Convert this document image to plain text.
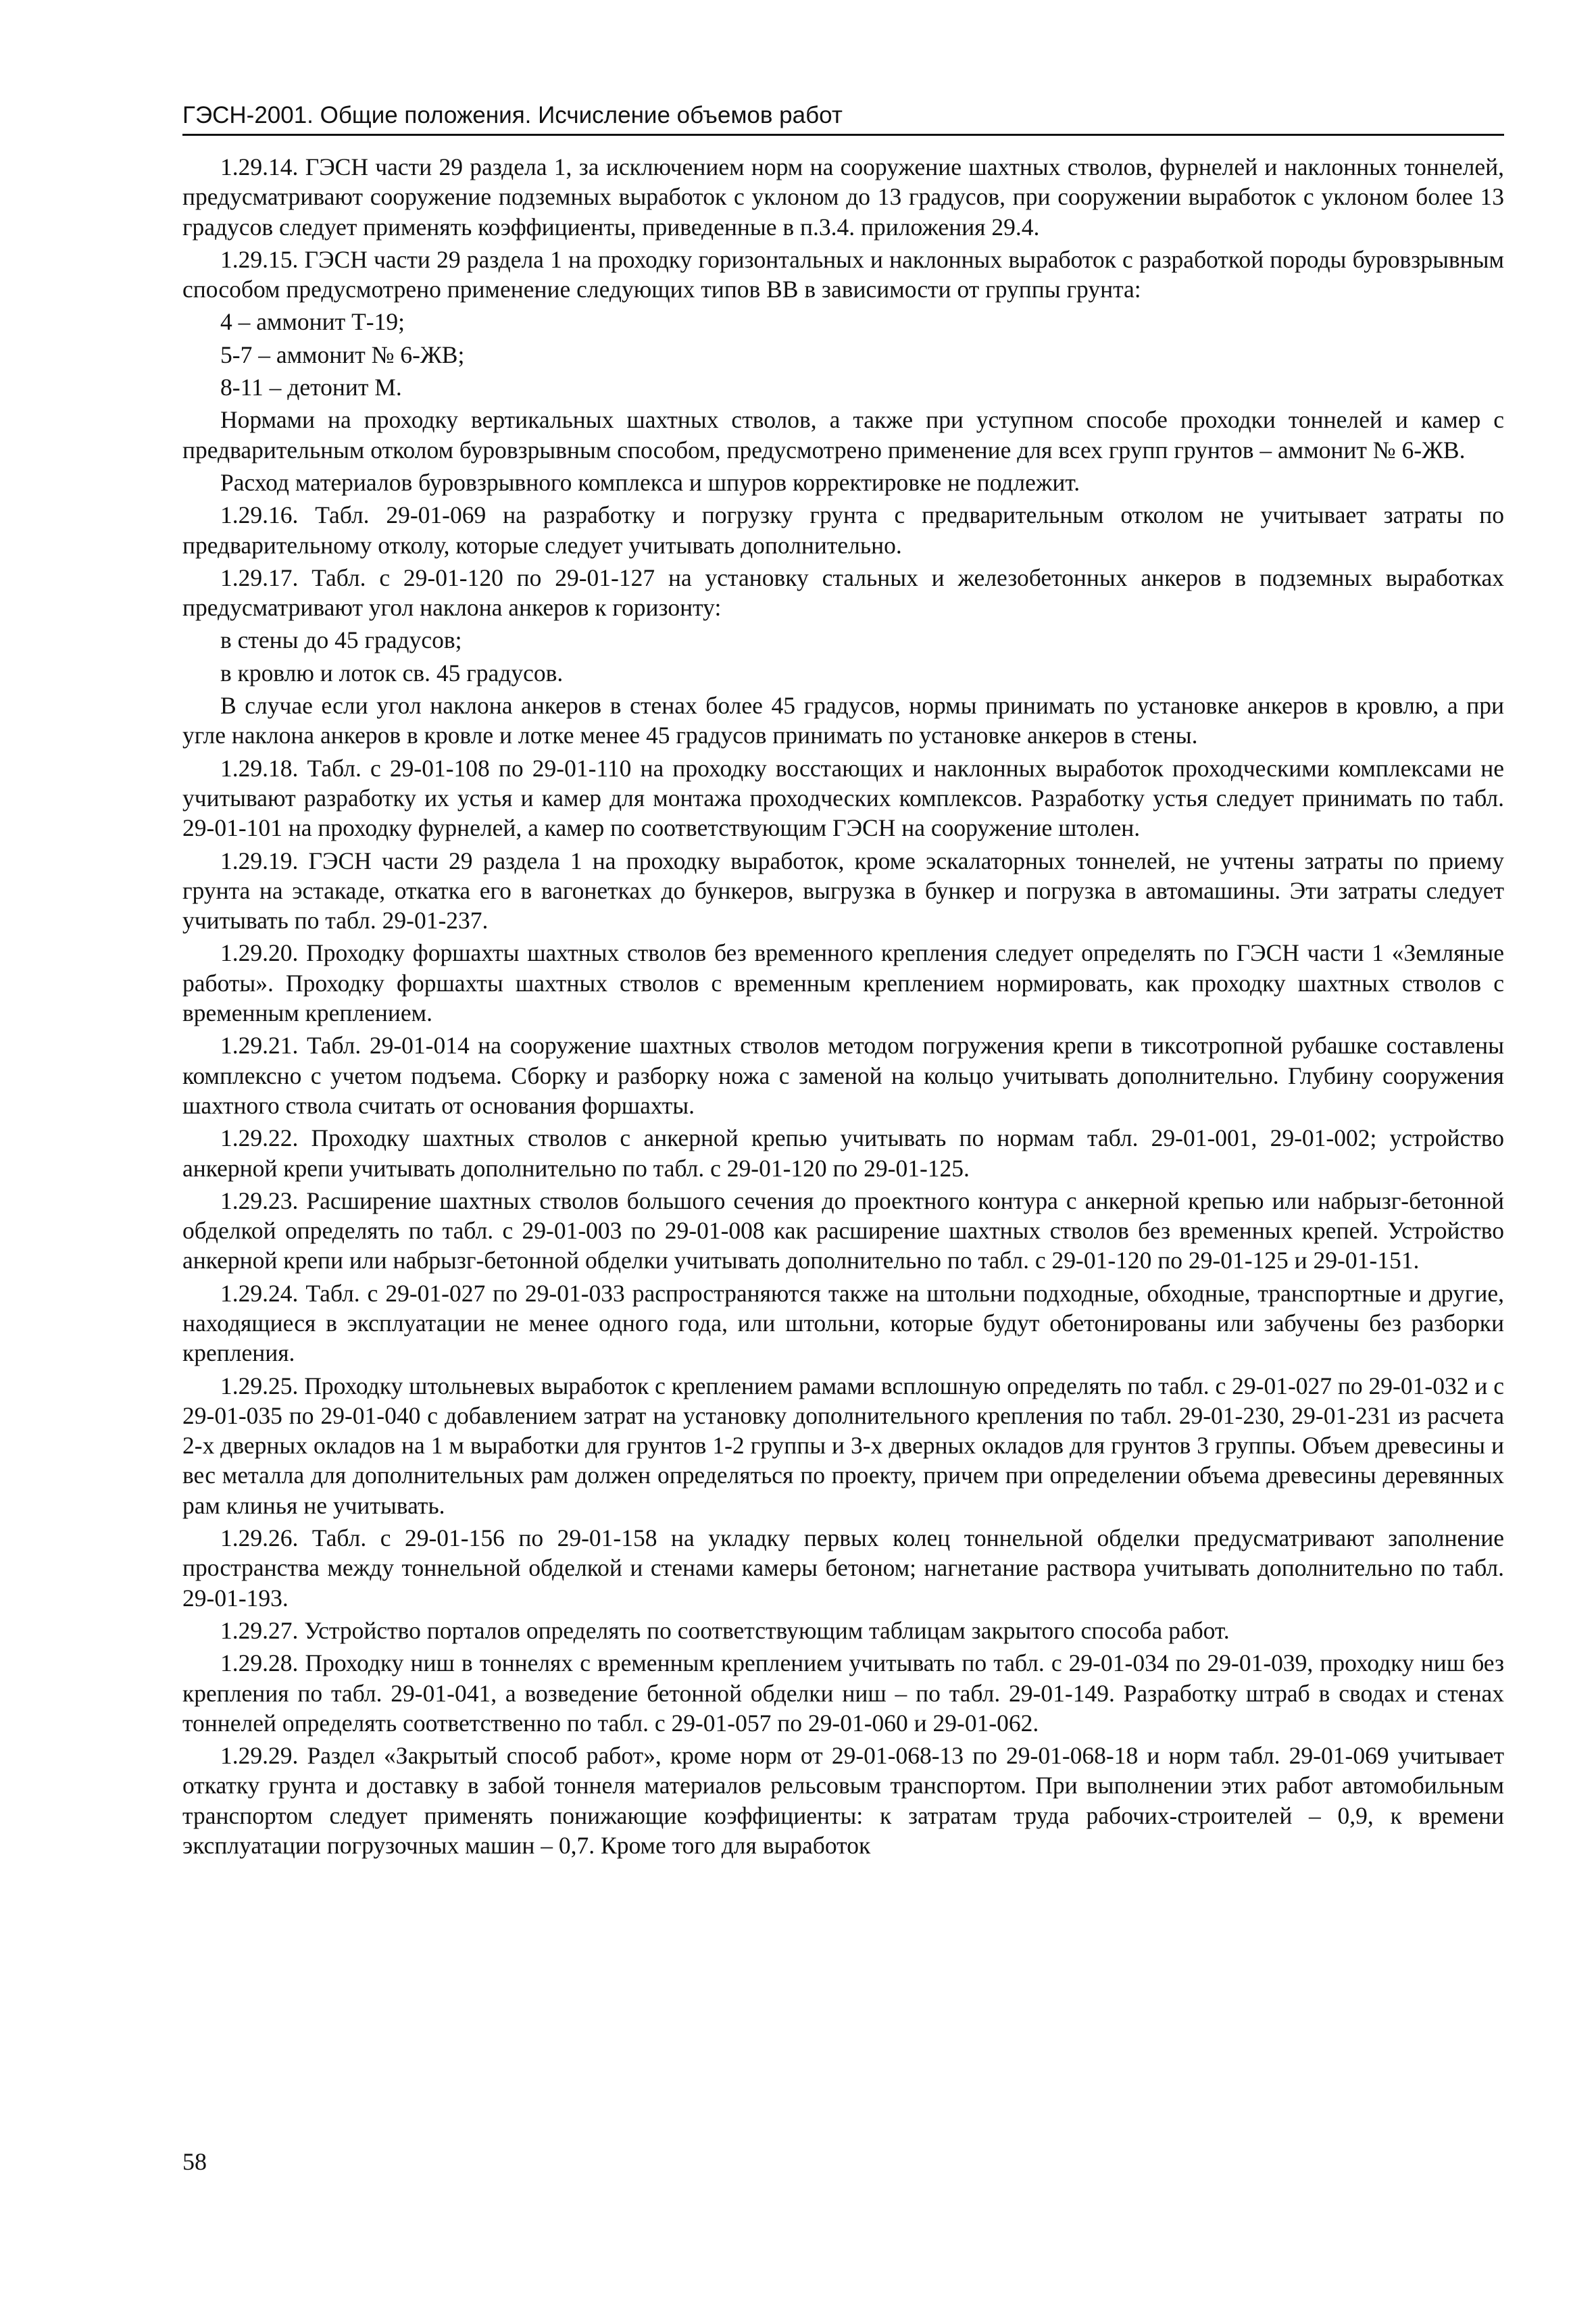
ГЭСН-2001. Общие положения. Исчисление объемов работ

1.29.14. ГЭСН части 29 раздела 1, за исключением норм на сооружение шахтных стволов, фурнелей и наклонных тоннелей, предусматривают сооружение подземных выработок с уклоном до 13 градусов, при сооружении выработок с уклоном более 13 градусов следует применять коэффициенты, приведенные в п.3.4. приложения 29.4.

1.29.15. ГЭСН части 29 раздела 1 на проходку горизонтальных и наклонных выработок с разработкой породы буровзрывным способом предусмотрено применение следующих типов ВВ в зависимости от группы грунта:

4 – аммонит Т-19;

5-7 – аммонит № 6-ЖВ;

8-11 – детонит М.

Нормами на проходку вертикальных шахтных стволов, а также при уступном способе проходки тоннелей и камер с предварительным отколом буровзрывным способом, предусмотрено применение для всех групп грунтов – аммонит № 6-ЖВ.

Расход материалов буровзрывного комплекса и шпуров корректировке не подлежит.

1.29.16. Табл. 29-01-069 на разработку и погрузку грунта с предварительным отколом не учитывает затраты по предварительному отколу, которые следует учитывать дополнительно.

1.29.17. Табл. с 29-01-120 по 29-01-127 на установку стальных и железобетонных анкеров в подземных выработках предусматривают угол наклона анкеров к горизонту:

в стены до 45 градусов;

в кровлю и лоток св. 45 градусов.

В случае если угол наклона анкеров в стенах более 45 градусов, нормы принимать по установке анкеров в кровлю, а при угле наклона анкеров в кровле и лотке менее 45 градусов принимать по установке анкеров в стены.

1.29.18. Табл. с 29-01-108 по 29-01-110 на проходку восстающих и наклонных выработок проходческими комплексами не учитывают разработку их устья и камер для монтажа проходческих комплексов. Разработку устья следует принимать по табл. 29-01-101 на проходку фурнелей, а камер по соответствующим ГЭСН на сооружение штолен.

1.29.19. ГЭСН части 29 раздела 1 на проходку выработок, кроме эскалаторных тоннелей, не учтены затраты по приему грунта на эстакаде, откатка его в вагонетках до бункеров, выгрузка в бункер и погрузка в автомашины. Эти затраты следует учитывать по табл. 29-01-237.

1.29.20. Проходку форшахты шахтных стволов без временного крепления следует определять по ГЭСН части 1 «Земляные работы». Проходку форшахты шахтных стволов с временным креплением нормировать, как проходку шахтных стволов с временным креплением.

1.29.21. Табл. 29-01-014 на сооружение шахтных стволов методом погружения крепи в тиксотропной рубашке составлены комплексно с учетом подъема. Сборку и разборку ножа с заменой на кольцо учитывать дополнительно. Глубину сооружения шахтного ствола считать от основания форшахты.

1.29.22. Проходку шахтных стволов с анкерной крепью учитывать по нормам табл. 29-01-001, 29-01-002; устройство анкерной крепи учитывать дополнительно по табл. с 29-01-120 по 29-01-125.

1.29.23. Расширение шахтных стволов большого сечения до проектного контура с анкерной крепью или набрызг-бетонной обделкой определять по табл. с 29-01-003 по 29-01-008 как расширение шахтных стволов без временных крепей. Устройство анкерной крепи или набрызг-бетонной обделки учитывать дополнительно по табл. с 29-01-120 по 29-01-125 и 29-01-151.

1.29.24. Табл. с 29-01-027 по 29-01-033 распространяются также на штольни подходные, обходные, транспортные и другие, находящиеся в эксплуатации не менее одного года, или штольни, которые будут обетонированы или забучены без разборки крепления.

1.29.25. Проходку штольневых выработок с креплением рамами всплошную определять по табл. с 29-01-027 по 29-01-032 и с 29-01-035 по 29-01-040 с добавлением затрат на установку дополнительного крепления по табл. 29-01-230, 29-01-231 из расчета 2-х дверных окладов на 1 м выработки для грунтов 1-2 группы и 3-х дверных окладов для грунтов 3 группы. Объем древесины и вес металла для дополнительных рам должен определяться по проекту, причем при определении объема древесины деревянных рам клинья не учитывать.

1.29.26. Табл. с 29-01-156 по 29-01-158 на укладку первых колец тоннельной обделки предусматривают заполнение пространства между тоннельной обделкой и стенами камеры бетоном; нагнетание раствора учитывать дополнительно по табл. 29-01-193.

1.29.27. Устройство порталов определять по соответствующим таблицам закрытого способа работ.

1.29.28. Проходку ниш в тоннелях с временным креплением учитывать по табл. с 29-01-034 по 29-01-039, проходку ниш без крепления по табл. 29-01-041, а возведение бетонной обделки ниш – по табл. 29-01-149. Разработку штраб в сводах и стенах тоннелей определять соответственно по табл. с 29-01-057 по 29-01-060 и 29-01-062.

1.29.29. Раздел «Закрытый способ работ», кроме норм от 29-01-068-13 по 29-01-068-18 и норм табл. 29-01-069 учитывает откатку грунта и доставку в забой тоннеля материалов рельсовым транспортом. При выполнении этих работ автомобильным транспортом следует применять понижающие коэффициенты: к затратам труда рабочих-строителей – 0,9, к времени эксплуатации погрузочных машин – 0,7. Кроме того для выработок

58
